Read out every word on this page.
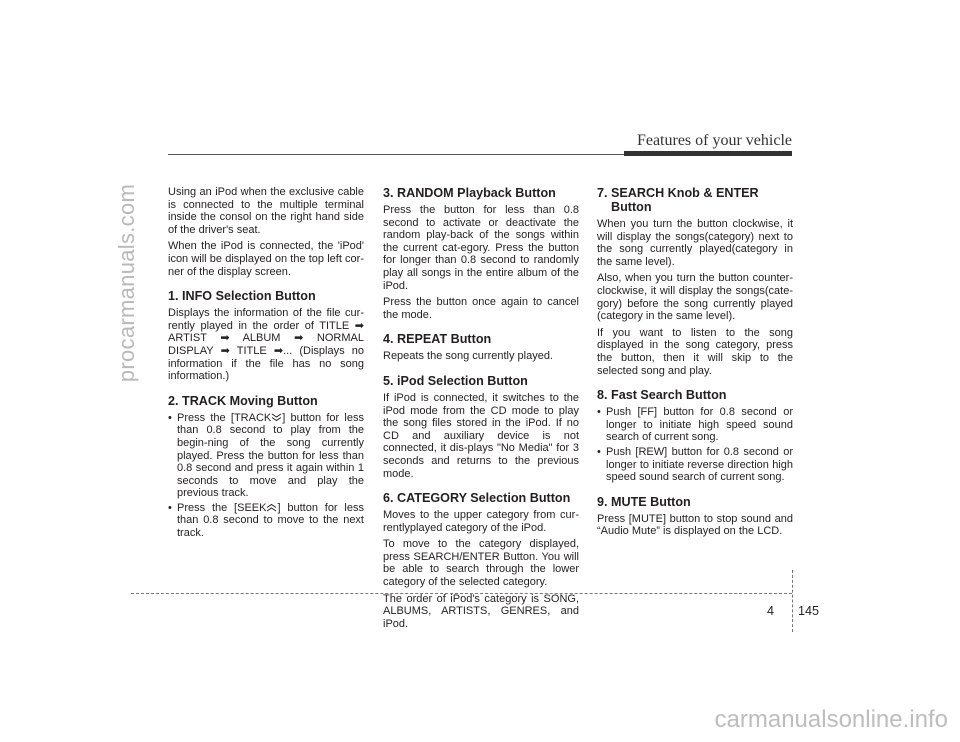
Features of your vehicle
procarmanuals.com	Using an iPod when the exclusive cable is connected to the multiple terminal inside the consol on the right hand side of the driver's seat.

When the iPod is connected, the 'iPod' icon will be displayed on the top left cor-ner of the display screen.

1. INFO Selection Button

Displays the information of the file cur-rently played in the order of TITLE ➡ ARTIST ➡ ALBUM ➡ NORMAL DISPLAY ➡ TITLE ➡... (Displays no information if the file has no song information.)

2. TRACK Moving Button
• Press the [TRACK ] button for less than 0.8 second to play from the begin-ning of the song currently played. Press the button for less than 0.8 second and press it again within 1 seconds to move and play the previous track.
• Press the [SEEK ] button for less than 0.8 second to move to the next track.
3. RANDOM Playback Button

Press the button for less than 0.8 second to activate or deactivate the random play-back of the songs within the current cat-egory. Press the button for longer than 0.8 second to randomly play all songs in the entire album of the iPod.

Press the button once again to cancel the mode.

4. REPEAT Button

Repeats the song currently played.

5. iPod Selection Button

If iPod is connected, it switches to the iPod mode from the CD mode to play the song files stored in the iPod. If no CD and auxiliary device is not connected, it dis-plays "No Media" for 3 seconds and returns to the previous mode.

6. CATEGORY Selection Button

Moves to the upper category from cur-rentlyplayed category of the iPod.

To move to the category displayed, press SEARCH/ENTER Button. You will be able to search through the lower category of the selected category.

The order of iPod's category is SONG, ALBUMS, ARTISTS, GENRES, and iPod.

7. SEARCH Knob & ENTER Button

When you turn the button clockwise, it will display the songs(category) next to the song currently played(category in the same level).

Also, when you turn the button counter-clockwise, it will display the songs(cate-gory) before the song currently played (category in the same level).

If you want to listen to the song displayed in the song category, press the button, then it will skip to the selected song and play.

8. Fast Search Button
• Push [FF] button for 0.8 second or longer to initiate high speed sound search of current song.
• Push [REW] button for 0.8 second or longer to initiate reverse direction high speed sound search of current song.
9. MUTE Button

Press [MUTE] button to stop sound and “Audio Mute” is displayed on the LCD.

4 145
carmanualsonline.info
